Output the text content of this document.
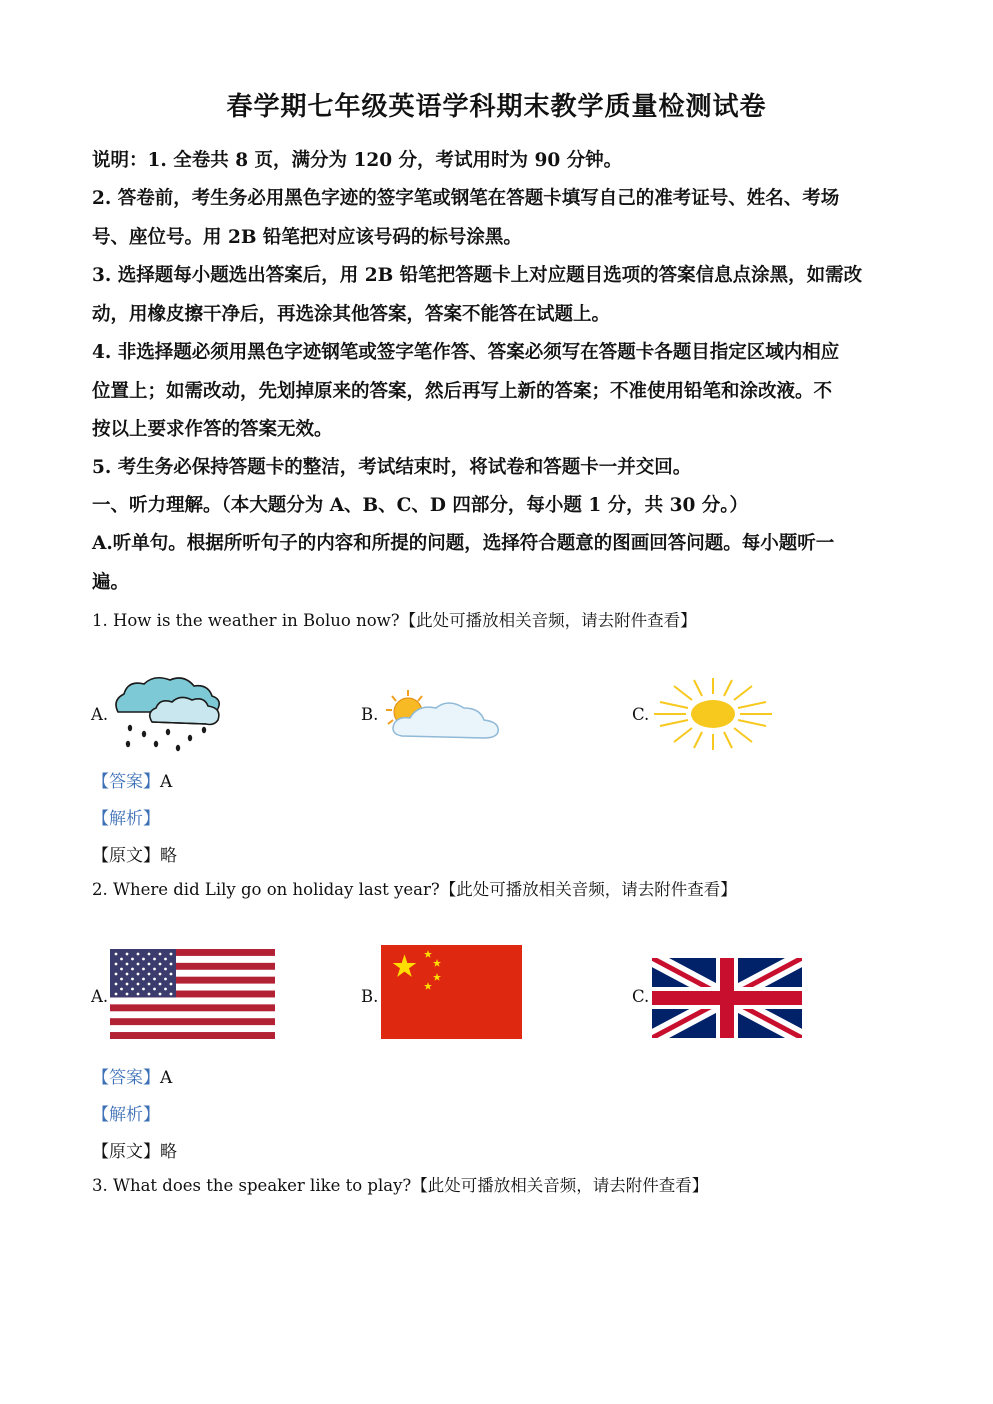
春学期七年级英语学科期末教学质量检测试卷
说明：1. 全卷共 8 页，满分为 120 分，考试用时为 90 分钟。
2. 答卷前，考生务必用黑色字迹的签字笔或钢笔在答题卡填写自己的准考证号、姓名、考场
号、座位号。用 2B 铅笔把对应该号码的标号涂黑。
3. 选择题每小题选出答案后，用 2B 铅笔把答题卡上对应题目选项的答案信息点涂黑，如需改
动，用橡皮擦干净后，再选涂其他答案，答案不能答在试题上。
4. 非选择题必须用黑色字迹钢笔或签字笔作答、答案必须写在答题卡各题目指定区域内相应
位置上；如需改动，先划掉原来的答案，然后再写上新的答案；不准使用铅笔和涂改液。不
按以上要求作答的答案无效。
5. 考生务必保持答题卡的整洁，考试结束时，将试卷和答题卡一并交回。
一、听力理解。（本大题分为 A、B、C、D 四部分，每小题 1 分，共 30 分。）
A.听单句。根据所听句子的内容和所提的问题，选择符合题意的图画回答问题。每小题听一
遍。
1. How is the weather in Boluo now?【此处可播放相关音频，请去附件查看】
A.	B.	C.
【答案】A
【解析】
【原文】略
2. Where did Lily go on holiday last year?【此处可播放相关音频，请去附件查看】
A.	B.	C.
【答案】A
【解析】
【原文】略
3. What does the speaker like to play?【此处可播放相关音频，请去附件查看】
